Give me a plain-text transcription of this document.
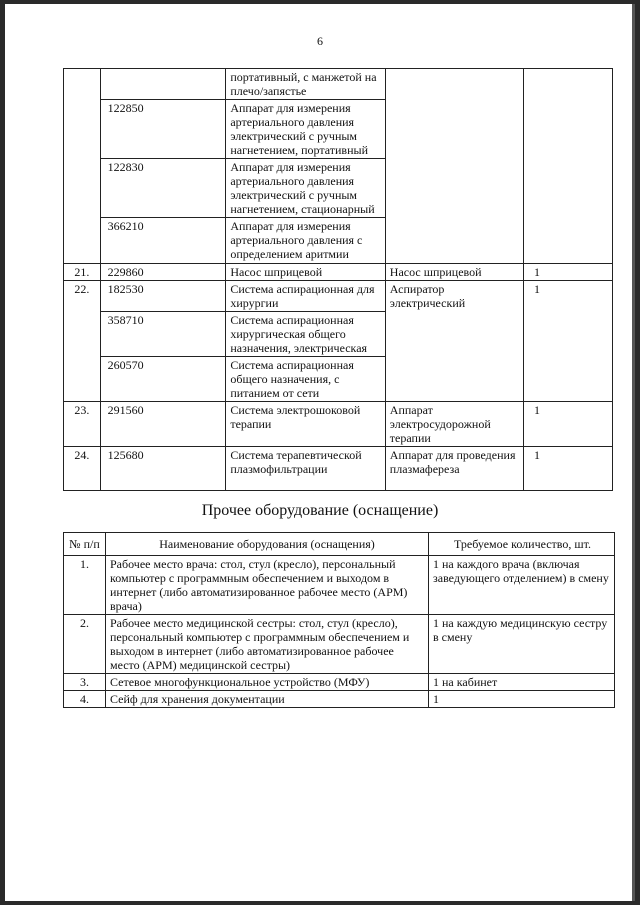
6
		портативный, с манжетой на плечо/запястье		
	122850	Аппарат для измерения артериального давления электрический с ручным нагнетением, портативный		
	122830	Аппарат для измерения артериального давления электрический с ручным нагнетением, стационарный		
	366210	Аппарат для измерения артериального давления с определением аритмии		
21.	229860	Насос шприцевой	Насос шприцевой	1
22.	182530	Система аспирационная для хирургии	Аспиратор электрический	1
	358710	Система аспирационная хирургическая общего назначения, электрическая		
	260570	Система аспирационная общего назначения, с питанием от сети		
23.	291560	Система электрошоковой терапии	Аппарат электросудорожной терапии	1
24.	125680	Система терапевтической плазмофильтрации	Аппарат для проведения плазмафереза	1
Прочее оборудование (оснащение)
№ п/п	Наименование оборудования (оснащения)	Требуемое количество, шт.
1.	Рабочее место врача: стол, стул (кресло), персональный компьютер с программным обеспечением и выходом в интернет (либо автоматизированное рабочее место (АРМ) врача)	1 на каждого врача (включая заведующего отделением) в смену
2.	Рабочее место медицинской сестры: стол, стул (кресло), персональный компьютер с программным обеспечением и выходом в интернет (либо автоматизированное рабочее место (АРМ) медицинской сестры)	1 на каждую медицинскую сестру в смену
3.	Сетевое многофункциональное устройство (МФУ)	1 на кабинет
4.	Сейф для хранения документации	1
